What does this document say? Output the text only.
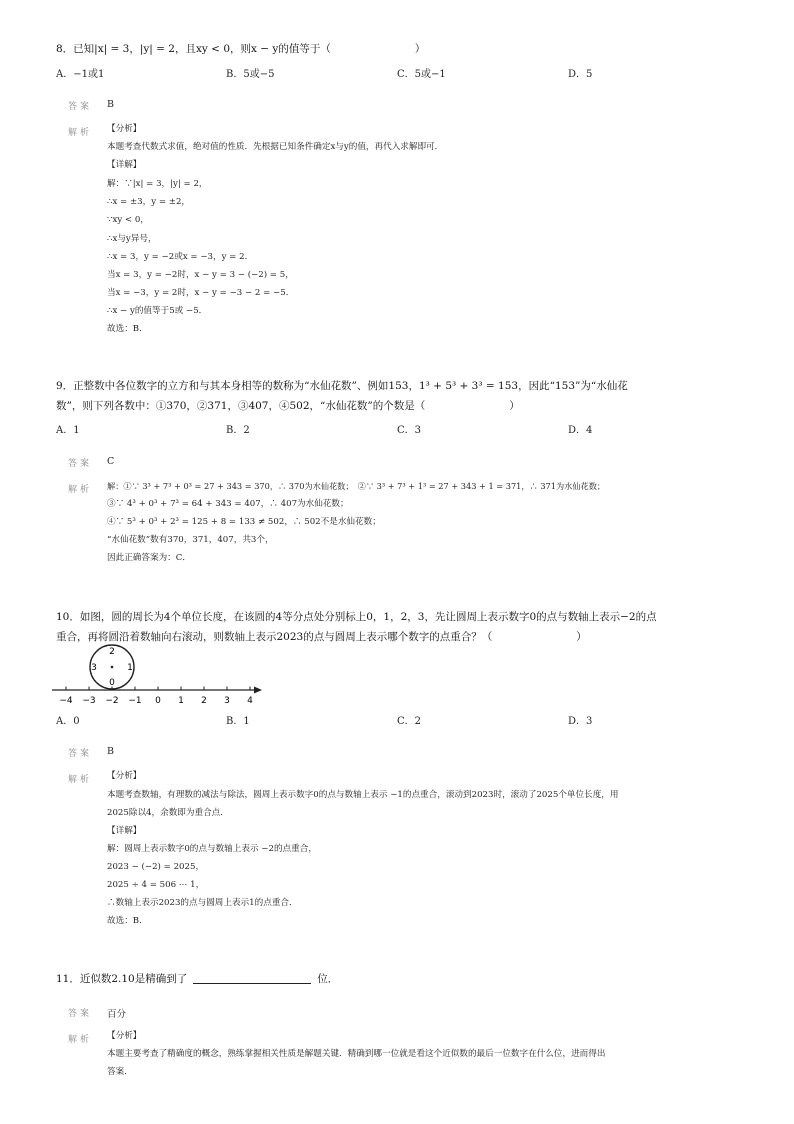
8．已知|x| = 3，|y| = 2，且xy < 0，则x − y的值等于（　　　　　　　　）
A．−1或1	B．5或−5	C．5或−1	D．5
答案 B
解析 【分析】
本题考查代数式求值，绝对值的性质．先根据已知条件确定x与y的值，再代入求解即可．
【详解】
解：∵|x| = 3，|y| = 2，
∴x = ±3，y = ±2，
∵xy < 0，
∴x与y异号，
∴x = 3，y = −2或x = −3，y = 2．
当x = 3，y = −2时，x − y = 3 − (−2) = 5，
当x = −3，y = 2时，x − y = −3 − 2 = −5．
∴x − y的值等于5或 −5．
故选：B．
9．正整数中各位数字的立方和与其本身相等的数称为“水仙花数”、例如153，1³ + 5³ + 3³ = 153，因此“153”为“水仙花
数”，则下列各数中：①370，②371，③407，④502，“水仙花数”的个数是（　　　　　　　　）
A．1	B．2	C．3	D．4
答案 C
解析 解：①∵ 3³ + 7³ + 0³ = 27 + 343 = 370，∴ 370为水仙花数；　②∵ 3³ + 7³ + 1³ = 27 + 343 + 1 = 371，∴ 371为水仙花数；
③∵ 4³ + 0³ + 7³ = 64 + 343 = 407，∴ 407为水仙花数；
④∵ 5³ + 0³ + 2³ = 125 + 8 = 133 ≠ 502，∴ 502不是水仙花数；
“水仙花数”数有370，371，407，共3个，
因此正确答案为：C．
10．如图，圆的周长为4个单位长度，在该圆的4等分点处分别标上0，1，2，3，先让圆周上表示数字0的点与数轴上表示−2的点
重合，再将圆沿着数轴向右滚动，则数轴上表示2023的点与圆周上表示哪个数字的点重合？（　　　　　　　　）
2
3	1
0
−4 −3 −2 −1 0 1 2 3 4
A．0	B．1	C．2	D．3
答案 B
解析 【分析】
本题考查数轴，有理数的减法与除法，圆周上表示数字0的点与数轴上表示 −1的点重合，滚动到2023时，滚动了2025个单位长度，用
2025除以4，余数即为重合点．
【详解】
解：圆周上表示数字0的点与数轴上表示 −2的点重合，
2023 − (−2) = 2025，
2025 ÷ 4 = 506 ⋯ 1，
∴数轴上表示2023的点与圆周上表示1的点重合．
故选：B．
11．近似数2.10是精确到了	位．
答案 百分
解析 【分析】
本题主要考查了精确度的概念，熟练掌握相关性质是解题关键．精确到哪一位就是看这个近似数的最后一位数字在什么位，进而得出
答案．
